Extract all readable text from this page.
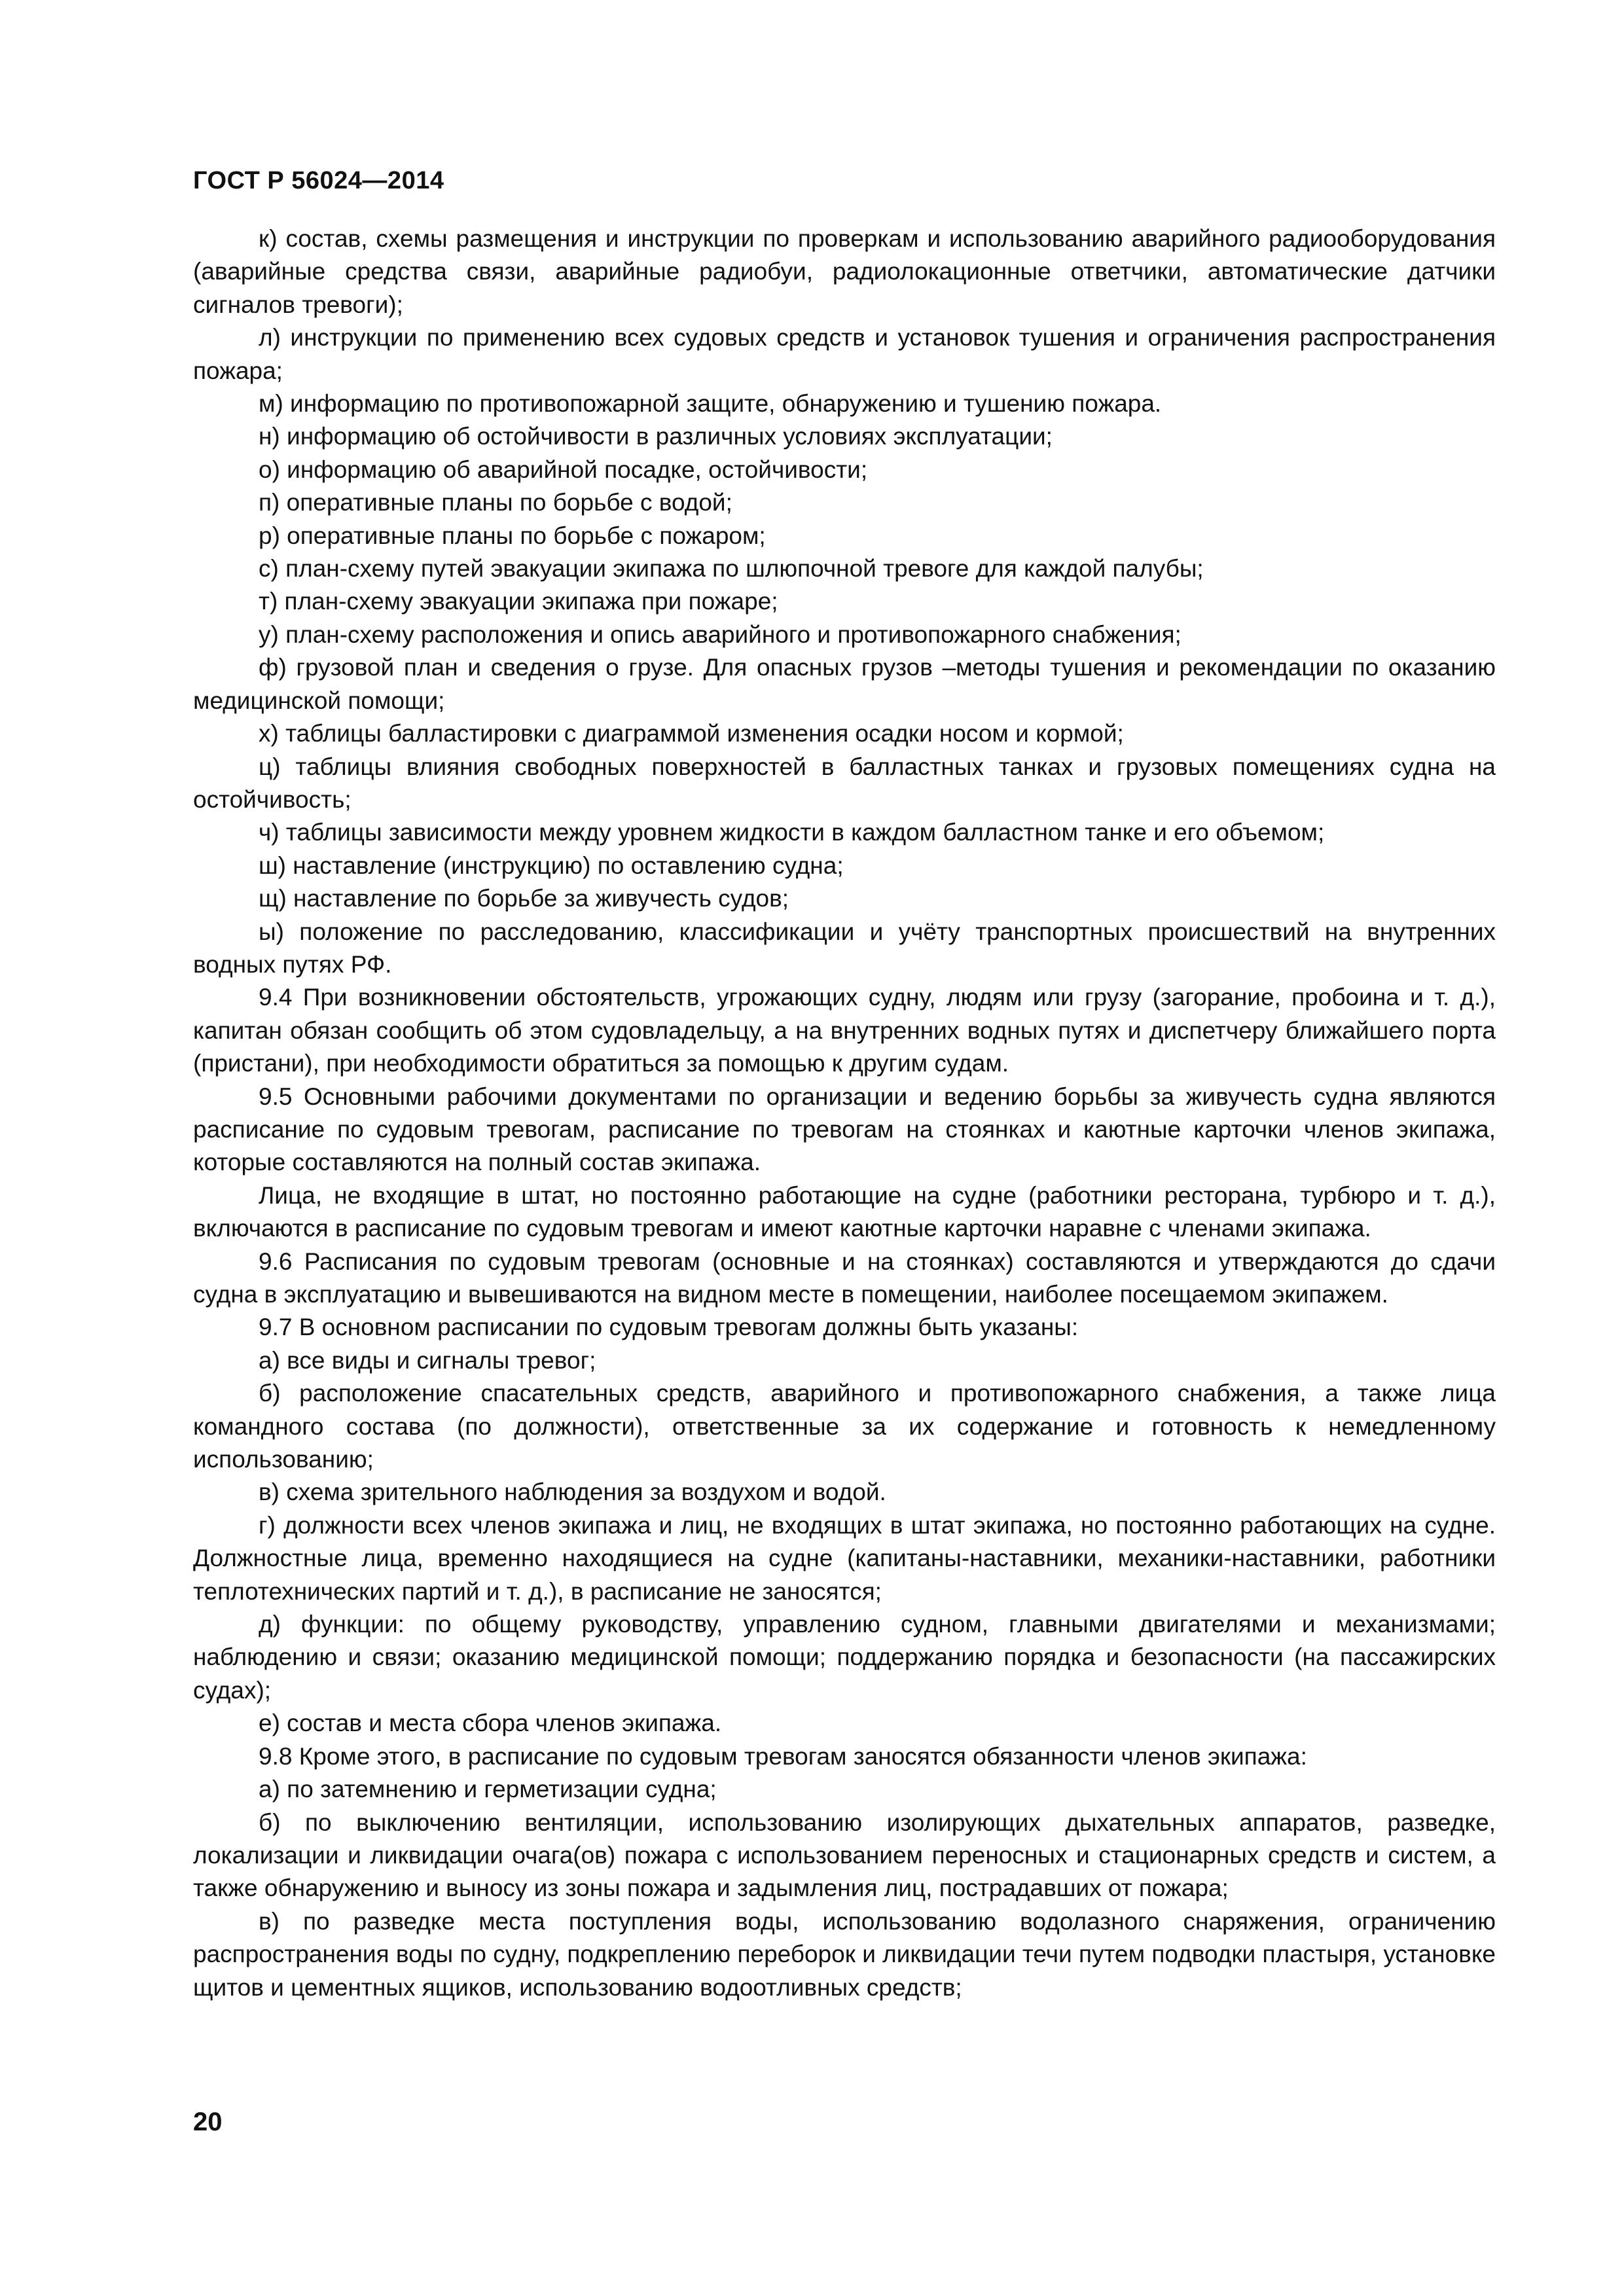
ГОСТ Р 56024—2014

к) состав, схемы размещения и инструкции по проверкам и использованию аварийного радиооборудования (аварийные средства связи, аварийные радиобуи, радиолокационные ответчики, автоматические датчики сигналов тревоги);

л) инструкции по применению всех судовых средств и установок тушения и ограничения распространения пожара;

м) информацию по противопожарной защите, обнаружению и тушению пожара.

н) информацию об остойчивости в различных условиях эксплуатации;

о) информацию об аварийной посадке, остойчивости;

п) оперативные планы по борьбе с водой;

р) оперативные планы по борьбе с пожаром;

с) план-схему путей эвакуации экипажа по шлюпочной тревоге для каждой палубы;

т) план-схему эвакуации экипажа при пожаре;

у) план-схему расположения и опись аварийного и противопожарного снабжения;

ф) грузовой план и сведения о грузе. Для опасных грузов –методы тушения и рекомендации по оказанию медицинской помощи;

х) таблицы балластировки с диаграммой изменения осадки носом и кормой;

ц) таблицы влияния свободных поверхностей в балластных танках и грузовых помещениях судна на остойчивость;

ч) таблицы зависимости между уровнем жидкости в каждом балластном танке и его объемом;

ш) наставление (инструкцию) по оставлению судна;

щ) наставление по борьбе за живучесть судов;

ы) положение по расследованию, классификации и учёту транспортных происшествий на внутренних водных путях РФ.

9.4 При возникновении обстоятельств, угрожающих судну, людям или грузу (загорание, пробоина и т. д.), капитан обязан сообщить об этом судовладельцу, а на внутренних водных путях и диспетчеру ближайшего порта (пристани), при необходимости обратиться за помощью к другим судам.

9.5 Основными рабочими документами по организации и ведению борьбы за живучесть судна являются расписание по судовым тревогам, расписание по тревогам на стоянках и каютные карточки членов экипажа, которые составляются на полный состав экипажа.

Лица, не входящие в штат, но постоянно работающие на судне (работники ресторана, турбюро и т. д.), включаются в расписание по судовым тревогам и имеют каютные карточки наравне с членами экипажа.

9.6 Расписания по судовым тревогам (основные и на стоянках) составляются и утверждаются до сдачи судна в эксплуатацию и вывешиваются на видном месте в помещении, наиболее посещаемом экипажем.

9.7 В основном расписании по судовым тревогам должны быть указаны:

а) все виды и сигналы тревог;

б) расположение спасательных средств, аварийного и противопожарного снабжения, а также лица командного состава (по должности), ответственные за их содержание и готовность к немедленному использованию;

в) схема зрительного наблюдения за воздухом и водой.

г) должности всех членов экипажа и лиц, не входящих в штат экипажа, но постоянно работающих на судне. Должностные лица, временно находящиеся на судне (капитаны-наставники, механики-наставники, работники теплотехнических партий и т. д.), в расписание не заносятся;

д) функции: по общему руководству, управлению судном, главными двигателями и механизмами; наблюдению и связи; оказанию медицинской помощи; поддержанию порядка и безопасности (на пассажирских судах);

е) состав и места сбора членов экипажа.

9.8 Кроме этого, в расписание по судовым тревогам заносятся обязанности членов экипажа:

а) по затемнению и герметизации судна;

б) по выключению вентиляции, использованию изолирующих дыхательных аппаратов, разведке, локализации и ликвидации очага(ов) пожара с использованием переносных и стационарных средств и систем, а также обнаружению и выносу из зоны пожара и задымления лиц, пострадавших от пожара;

в) по разведке места поступления воды, использованию водолазного снаряжения, ограничению распространения воды по судну, подкреплению переборок и ликвидации течи путем подводки пластыря, установке щитов и цементных ящиков, использованию водоотливных средств;

20
